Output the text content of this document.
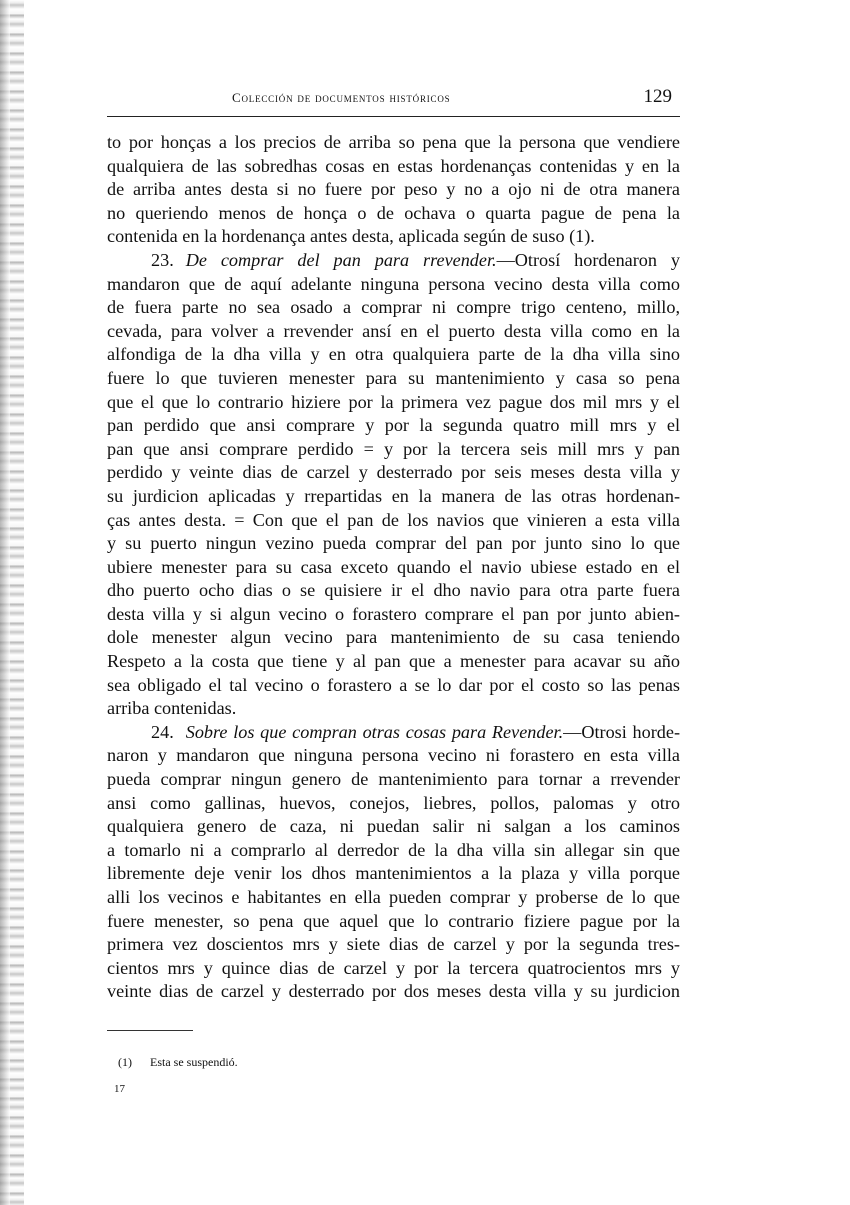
Colección de documentos históricos	129
to por honças a los precios de arriba so pena que la persona que vendiere
qualquiera de las sobredhas cosas en estas hordenanças contenidas y en la
de arriba antes desta si no fuere por peso y no a ojo ni de otra manera
no queriendo menos de honça o de ochava o quarta pague de pena la
contenida en la hordenança antes desta, aplicada según de suso (1).
23. De comprar del pan para rrevender.—Otrosí hordenaron y
mandaron que de aquí adelante ninguna persona vecino desta villa como
de fuera parte no sea osado a comprar ni compre trigo centeno, millo,
cevada, para volver a rrevender ansí en el puerto desta villa como en la
alfondiga de la dha villa y en otra qualquiera parte de la dha villa sino
fuere lo que tuvieren menester para su mantenimiento y casa so pena
que el que lo contrario hiziere por la primera vez pague dos mil mrs y el
pan perdido que ansi comprare y por la segunda quatro mill mrs y el
pan que ansi comprare perdido = y por la tercera seis mill mrs y pan
perdido y veinte dias de carzel y desterrado por seis meses desta villa y
su jurdicion aplicadas y rrepartidas en la manera de las otras hordenan-
ças antes desta. = Con que el pan de los navios que vinieren a esta villa
y su puerto ningun vezino pueda comprar del pan por junto sino lo que
ubiere menester para su casa exceto quando el navio ubiese estado en el
dho puerto ocho dias o se quisiere ir el dho navio para otra parte fuera
desta villa y si algun vecino o forastero comprare el pan por junto abien-
dole menester algun vecino para mantenimiento de su casa teniendo
Respeto a la costa que tiene y al pan que a menester para acavar su año
sea obligado el tal vecino o forastero a se lo dar por el costo so las penas
arriba contenidas.
24. Sobre los que compran otras cosas para Revender.—Otrosi horde-
naron y mandaron que ninguna persona vecino ni forastero en esta villa
pueda comprar ningun genero de mantenimiento para tornar a rrevender
ansi como gallinas, huevos, conejos, liebres, pollos, palomas y otro
qualquiera genero de caza, ni puedan salir ni salgan a los caminos
a tomarlo ni a comprarlo al derredor de la dha villa sin allegar sin que
libremente deje venir los dhos mantenimientos a la plaza y villa porque
alli los vecinos e habitantes en ella pueden comprar y proberse de lo que
fuere menester, so pena que aquel que lo contrario fiziere pague por la
primera vez doscientos mrs y siete dias de carzel y por la segunda tres-
cientos mrs y quince dias de carzel y por la tercera quatrocientos mrs y
veinte dias de carzel y desterrado por dos meses desta villa y su jurdicion
(1) Esta se suspendió.
17
